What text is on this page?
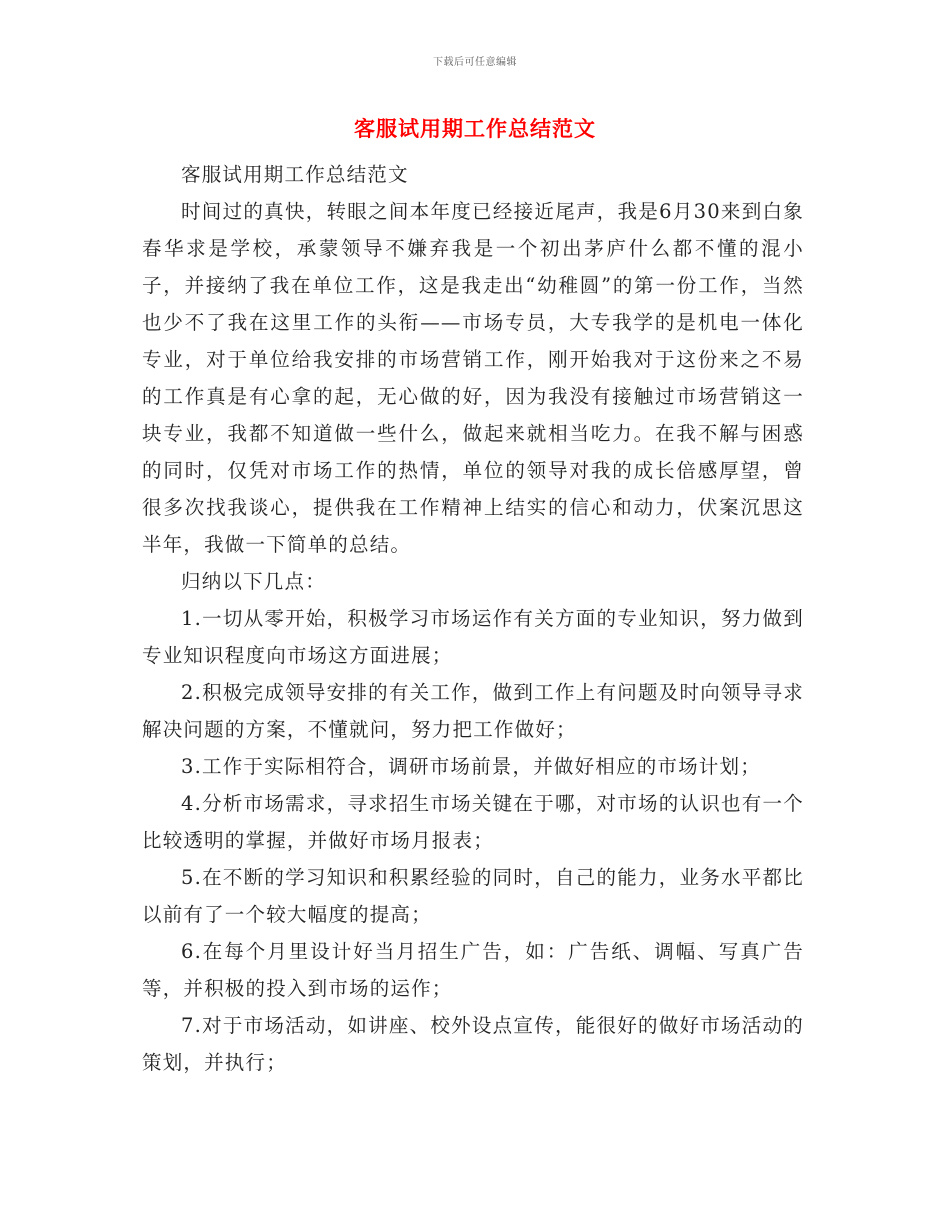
下载后可任意编辑
客服试用期工作总结范文

客服试用期工作总结范文

时间过的真快，转眼之间本年度已经接近尾声，我是6月30来到白象春华求是学校，承蒙领导不嫌弃我是一个初出茅庐什么都不懂的混小子，并接纳了我在单位工作，这是我走出“幼稚圆”的第一份工作，当然也少不了我在这里工作的头衔——市场专员，大专我学的是机电一体化专业，对于单位给我安排的市场营销工作，刚开始我对于这份来之不易的工作真是有心拿的起，无心做的好，因为我没有接触过市场营销这一块专业，我都不知道做一些什么，做起来就相当吃力。在我不解与困惑的同时，仅凭对市场工作的热情，单位的领导对我的成长倍感厚望，曾很多次找我谈心，提供我在工作精神上结实的信心和动力，伏案沉思这半年，我做一下简单的总结。

归纳以下几点：

1.一切从零开始，积极学习市场运作有关方面的专业知识，努力做到专业知识程度向市场这方面进展；

2.积极完成领导安排的有关工作，做到工作上有问题及时向领导寻求解决问题的方案，不懂就问，努力把工作做好；

3.工作于实际相符合，调研市场前景，并做好相应的市场计划；

4.分析市场需求，寻求招生市场关键在于哪，对市场的认识也有一个比较透明的掌握，并做好市场月报表；

5.在不断的学习知识和积累经验的同时，自己的能力，业务水平都比以前有了一个较大幅度的提高；

6.在每个月里设计好当月招生广告，如：广告纸、调幅、写真广告等，并积极的投入到市场的运作；

7.对于市场活动，如讲座、校外设点宣传，能很好的做好市场活动的策划，并执行；
